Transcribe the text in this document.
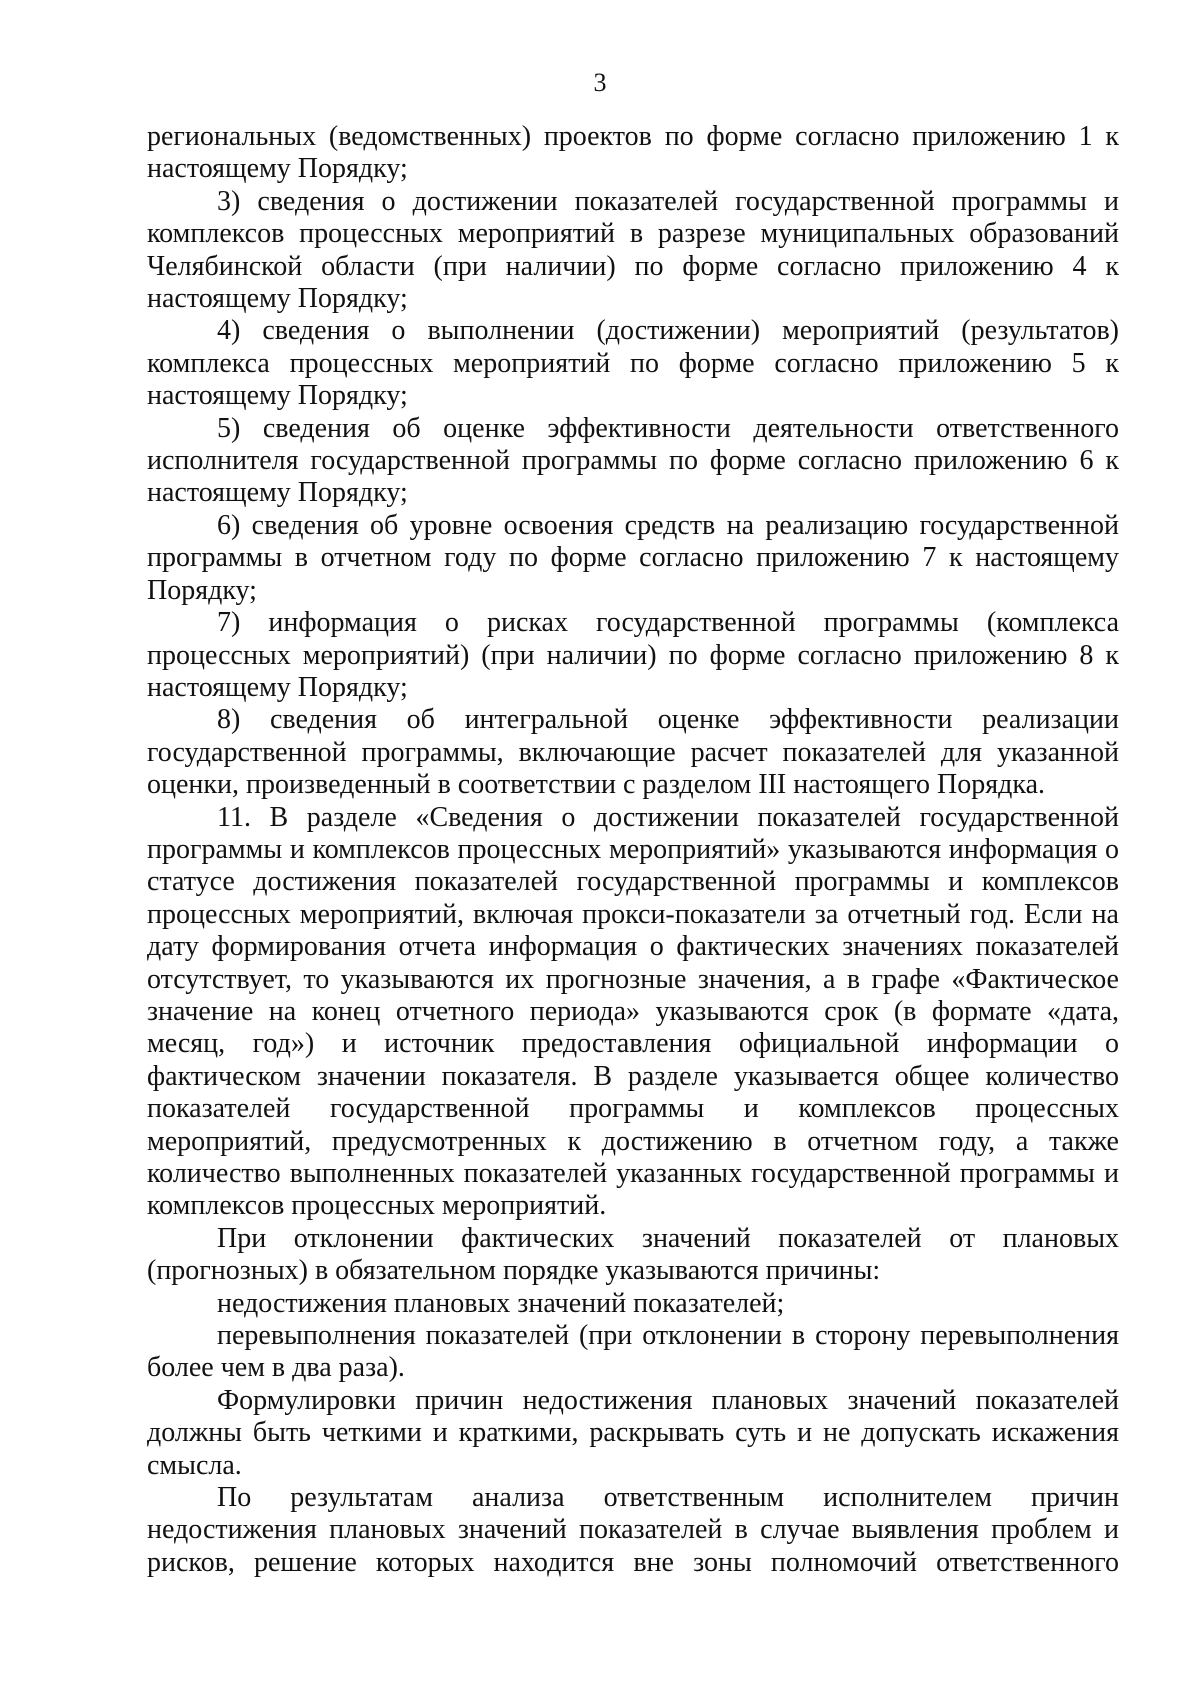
3

региональных (ведомственных) проектов по форме согласно приложению 1 к настоящему Порядку;

3) сведения о достижении показателей государственной программы и комплексов процессных мероприятий в разрезе муниципальных образований Челябинской области (при наличии) по форме согласно приложению 4 к настоящему Порядку;

4) сведения о выполнении (достижении) мероприятий (результатов) комплекса процессных мероприятий по форме согласно приложению 5 к настоящему Порядку;

5) сведения об оценке эффективности деятельности ответственного исполнителя государственной программы по форме согласно приложению 6 к настоящему Порядку;

6) сведения об уровне освоения средств на реализацию государственной программы в отчетном году по форме согласно приложению 7 к настоящему Порядку;

7) информация о рисках государственной программы (комплекса процессных мероприятий) (при наличии) по форме согласно приложению 8 к настоящему Порядку;

8) сведения об интегральной оценке эффективности реализации государственной программы, включающие расчет показателей для указанной оценки, произведенный в соответствии с разделом III настоящего Порядка.

11. В разделе «Сведения о достижении показателей государственной программы и комплексов процессных мероприятий» указываются информация о статусе достижения показателей государственной программы и комплексов процессных мероприятий, включая прокси-показатели за отчетный год. Если на дату формирования отчета информация о фактических значениях показателей отсутствует, то указываются их прогнозные значения, а в графе «Фактическое значение на конец отчетного периода» указываются срок (в формате «дата, месяц, год») и источник предоставления официальной информации о фактическом значении показателя. В разделе указывается общее количество показателей государственной программы и комплексов процессных мероприятий, предусмотренных к достижению в отчетном году, а также количество выполненных показателей указанных государственной программы и комплексов процессных мероприятий.

При отклонении фактических значений показателей от плановых (прогнозных) в обязательном порядке указываются причины:

недостижения плановых значений показателей;

перевыполнения показателей (при отклонении в сторону перевыполнения более чем в два раза).

Формулировки причин недостижения плановых значений показателей должны быть четкими и краткими, раскрывать суть и не допускать искажения смысла.

По результатам анализа ответственным исполнителем причин недостижения плановых значений показателей в случае выявления проблем и рисков, решение которых находится вне зоны полномочий ответственного
